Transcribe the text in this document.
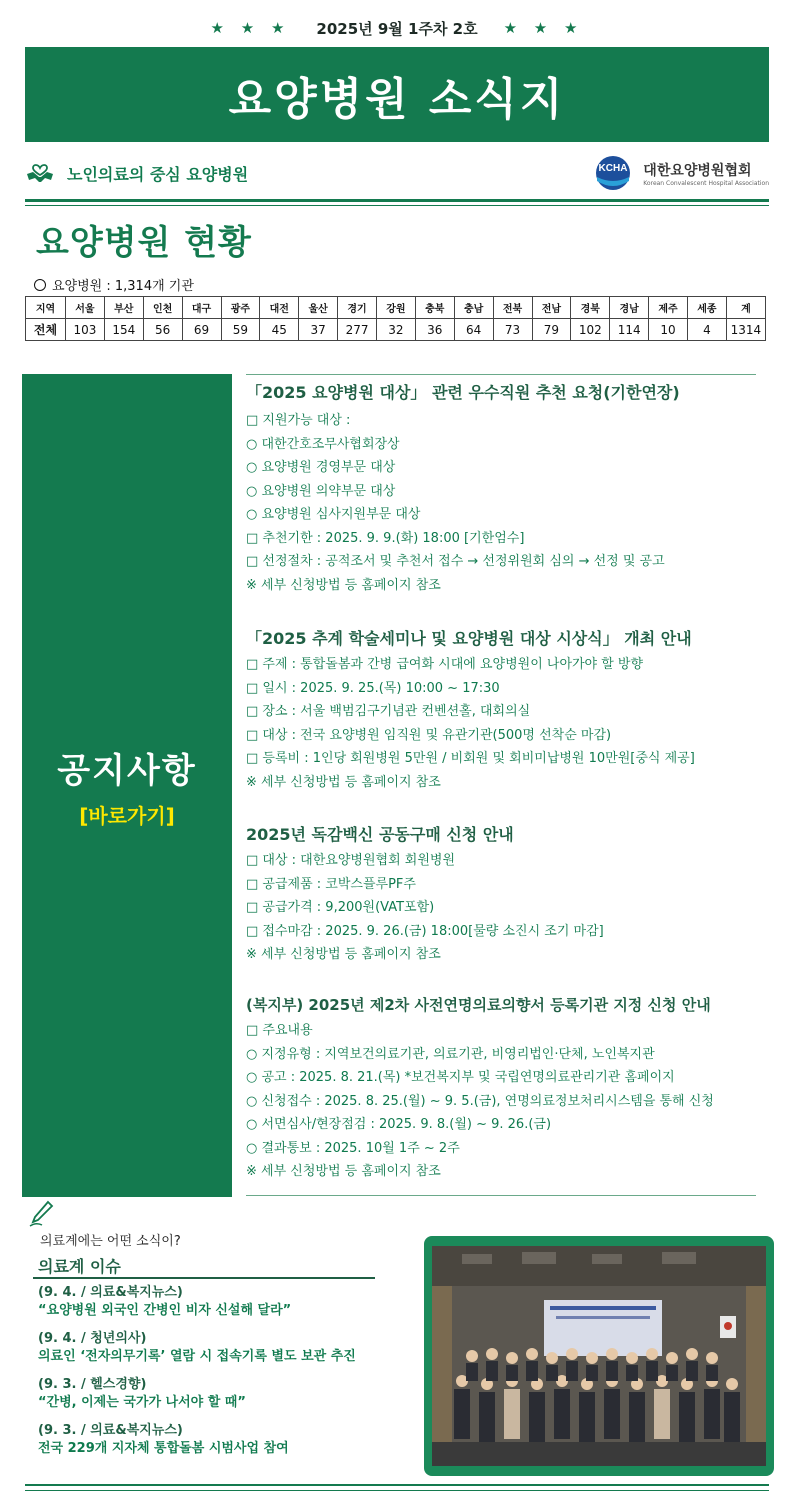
★ ★ ★ 2025년 9월 1주차 2호 ★ ★ ★
요양병원 소식지
노인의료의 중심 요양병원	KCHA 대한요양병원협회
Korean Convalescent Hospital Association
요양병원 현황
요양병원 : 1,314개 기관
지역	서울	부산	인천	대구	광주	대전	울산	경기	강원	충북	충남	전북	전남	경북	경남	제주	세종	계
전체	103	154	56	69	59	45	37	277	32	36	64	73	79	102	114	10	4	1314
공지사항
[바로가기]
「2025 요양병원 대상」 관련 우수직원 추천 요청(기한연장)
□ 지원가능 대상 :
○ 대한간호조무사협회장상
○ 요양병원 경영부문 대상
○ 요양병원 의약부문 대상
○ 요양병원 심사지원부문 대상
□ 추천기한 : 2025. 9. 9.(화) 18:00 [기한엄수]
□ 선정절차 : 공적조서 및 추천서 접수 → 선정위원회 심의 → 선정 및 공고
※ 세부 신청방법 등 홈페이지 참조
「2025 추계 학술세미나 및 요양병원 대상 시상식」 개최 안내
□ 주제 : 통합돌봄과 간병 급여화 시대에 요양병원이 나아가야 할 방향
□ 일시 : 2025. 9. 25.(목) 10:00 ~ 17:30
□ 장소 : 서울 백범김구기념관 컨벤션홀, 대회의실
□ 대상 : 전국 요양병원 임직원 및 유관기관(500명 선착순 마감)
□ 등록비 : 1인당 회원병원 5만원 / 비회원 및 회비미납병원 10만원[중식 제공]
※ 세부 신청방법 등 홈페이지 참조
2025년 독감백신 공동구매 신청 안내
□ 대상 : 대한요양병원협회 회원병원
□ 공급제품 : 코박스플루PF주
□ 공급가격 : 9,200원(VAT포함)
□ 접수마감 : 2025. 9. 26.(금) 18:00[물량 소진시 조기 마감]
※ 세부 신청방법 등 홈페이지 참조
(복지부) 2025년 제2차 사전연명의료의향서 등록기관 지정 신청 안내
□ 주요내용
○ 지정유형 : 지역보건의료기관, 의료기관, 비영리법인·단체, 노인복지관
○ 공고 : 2025. 8. 21.(목) *보건복지부 및 국립연명의료관리기관 홈페이지
○ 신청접수 : 2025. 8. 25.(월) ~ 9. 5.(금), 연명의료정보처리시스템을 통해 신청
○ 서면심사/현장점검 : 2025. 9. 8.(월) ~ 9. 26.(금)
○ 결과통보 : 2025. 10월 1주 ~ 2주
※ 세부 신청방법 등 홈페이지 참조
의료계에는 어떤 소식이?
의료계 이슈
(9. 4. / 의료&복지뉴스)
“요양병원 외국인 간병인 비자 신설해 달라”
(9. 4. / 청년의사)
의료인 ‘전자의무기록’ 열람 시 접속기록 별도 보관 추진
(9. 3. / 헬스경향)
“간병, 이제는 국가가 나서야 할 때”
(9. 3. / 의료&복지뉴스)
전국 229개 지자체 통합돌봄 시범사업 참여
